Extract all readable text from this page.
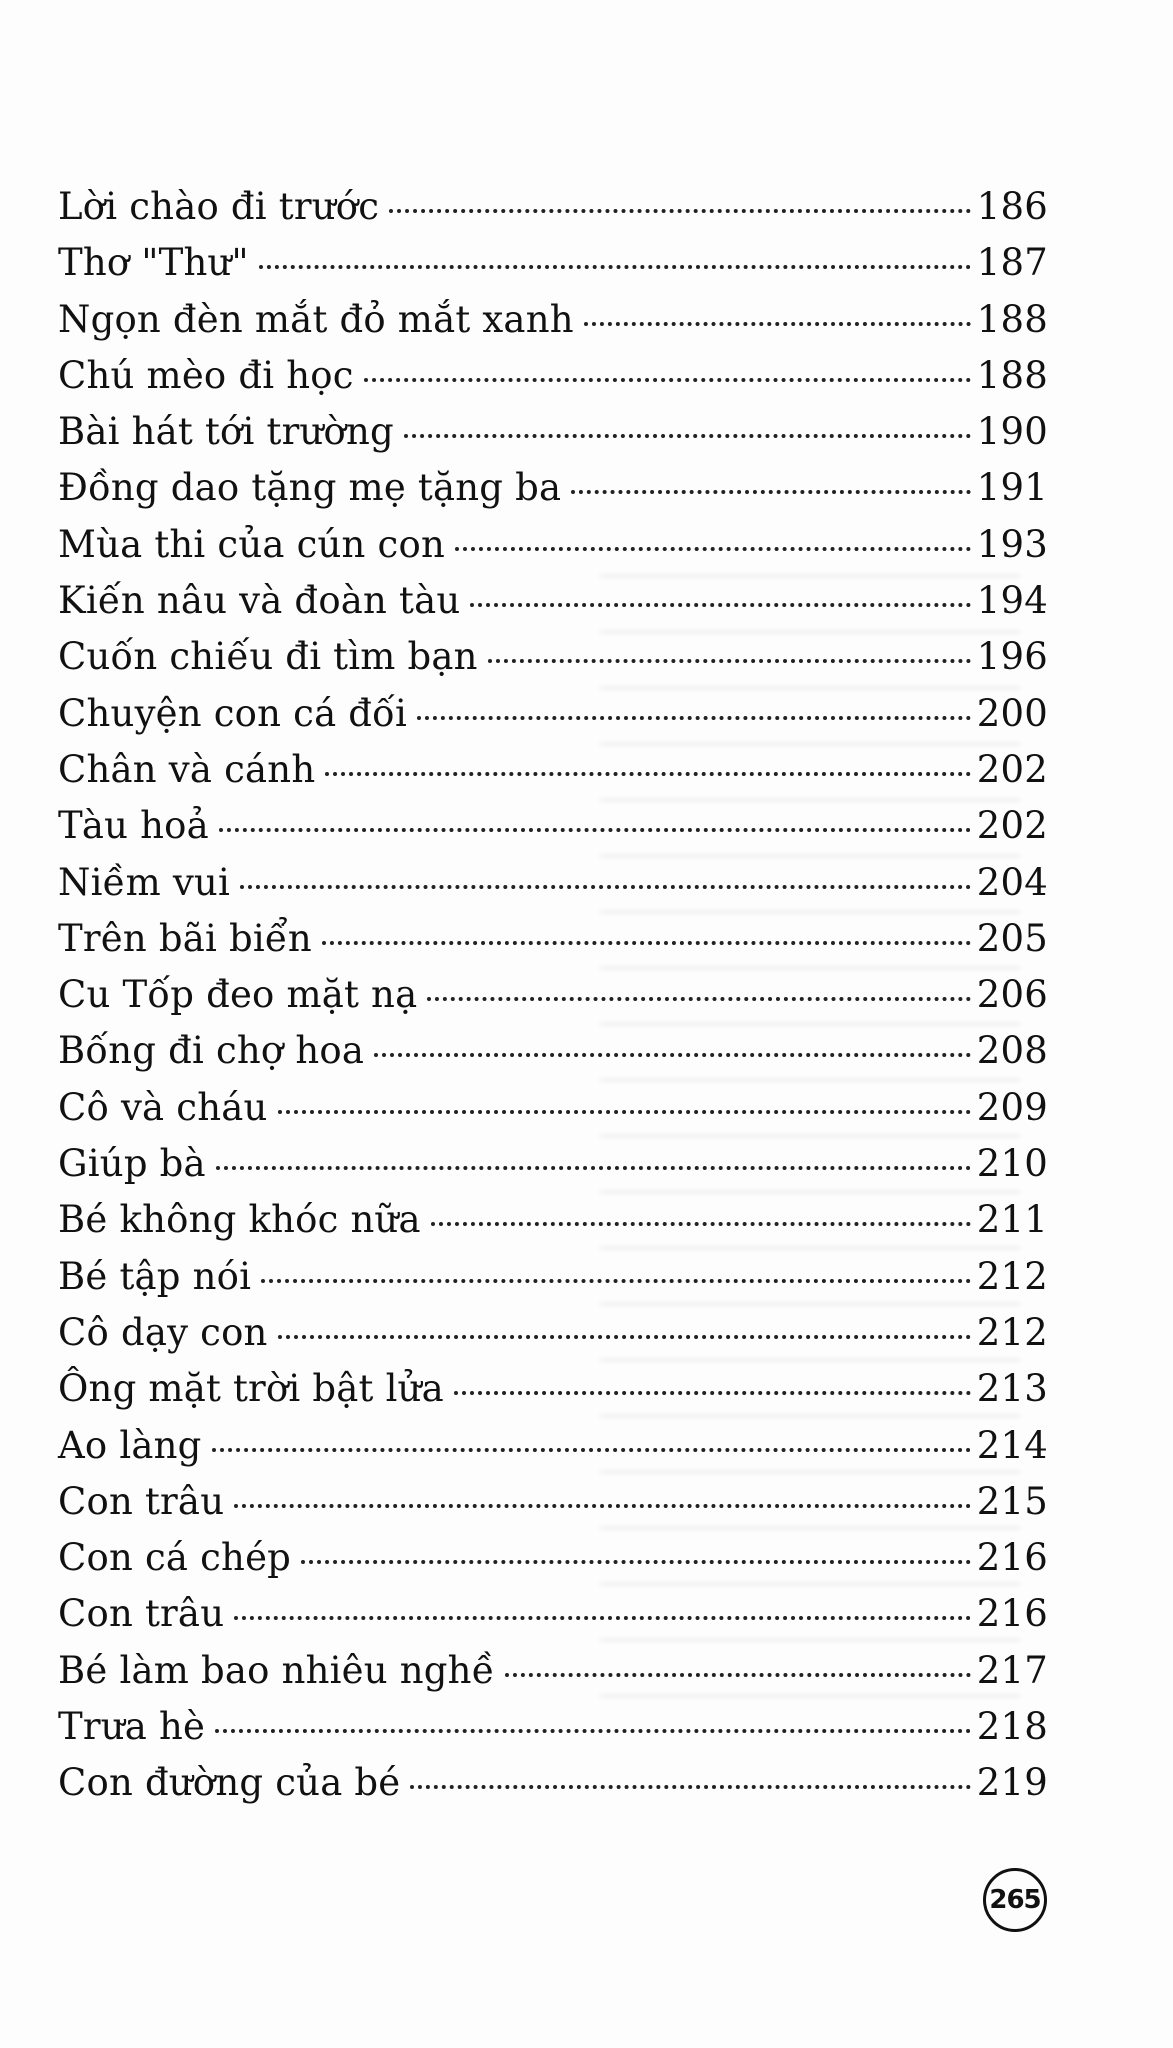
Lời chào đi trước	186
Thơ "Thư"	187
Ngọn đèn mắt đỏ mắt xanh	188
Chú mèo đi học	188
Bài hát tới trường	190
Đồng dao tặng mẹ tặng ba	191
Mùa thi của cún con	193
Kiến nâu và đoàn tàu	194
Cuốn chiếu đi tìm bạn	196
Chuyện con cá đối	200
Chân và cánh	202
Tàu hoả	202
Niềm vui	204
Trên bãi biển	205
Cu Tốp đeo mặt nạ	206
Bống đi chợ hoa	208
Cô và cháu	209
Giúp bà	210
Bé không khóc nữa	211
Bé tập nói	212
Cô dạy con	212
Ông mặt trời bật lửa	213
Ao làng	214
Con trâu	215
Con cá chép	216
Con trâu	216
Bé làm bao nhiêu nghề	217
Trưa hè	218
Con đường của bé	219
265
